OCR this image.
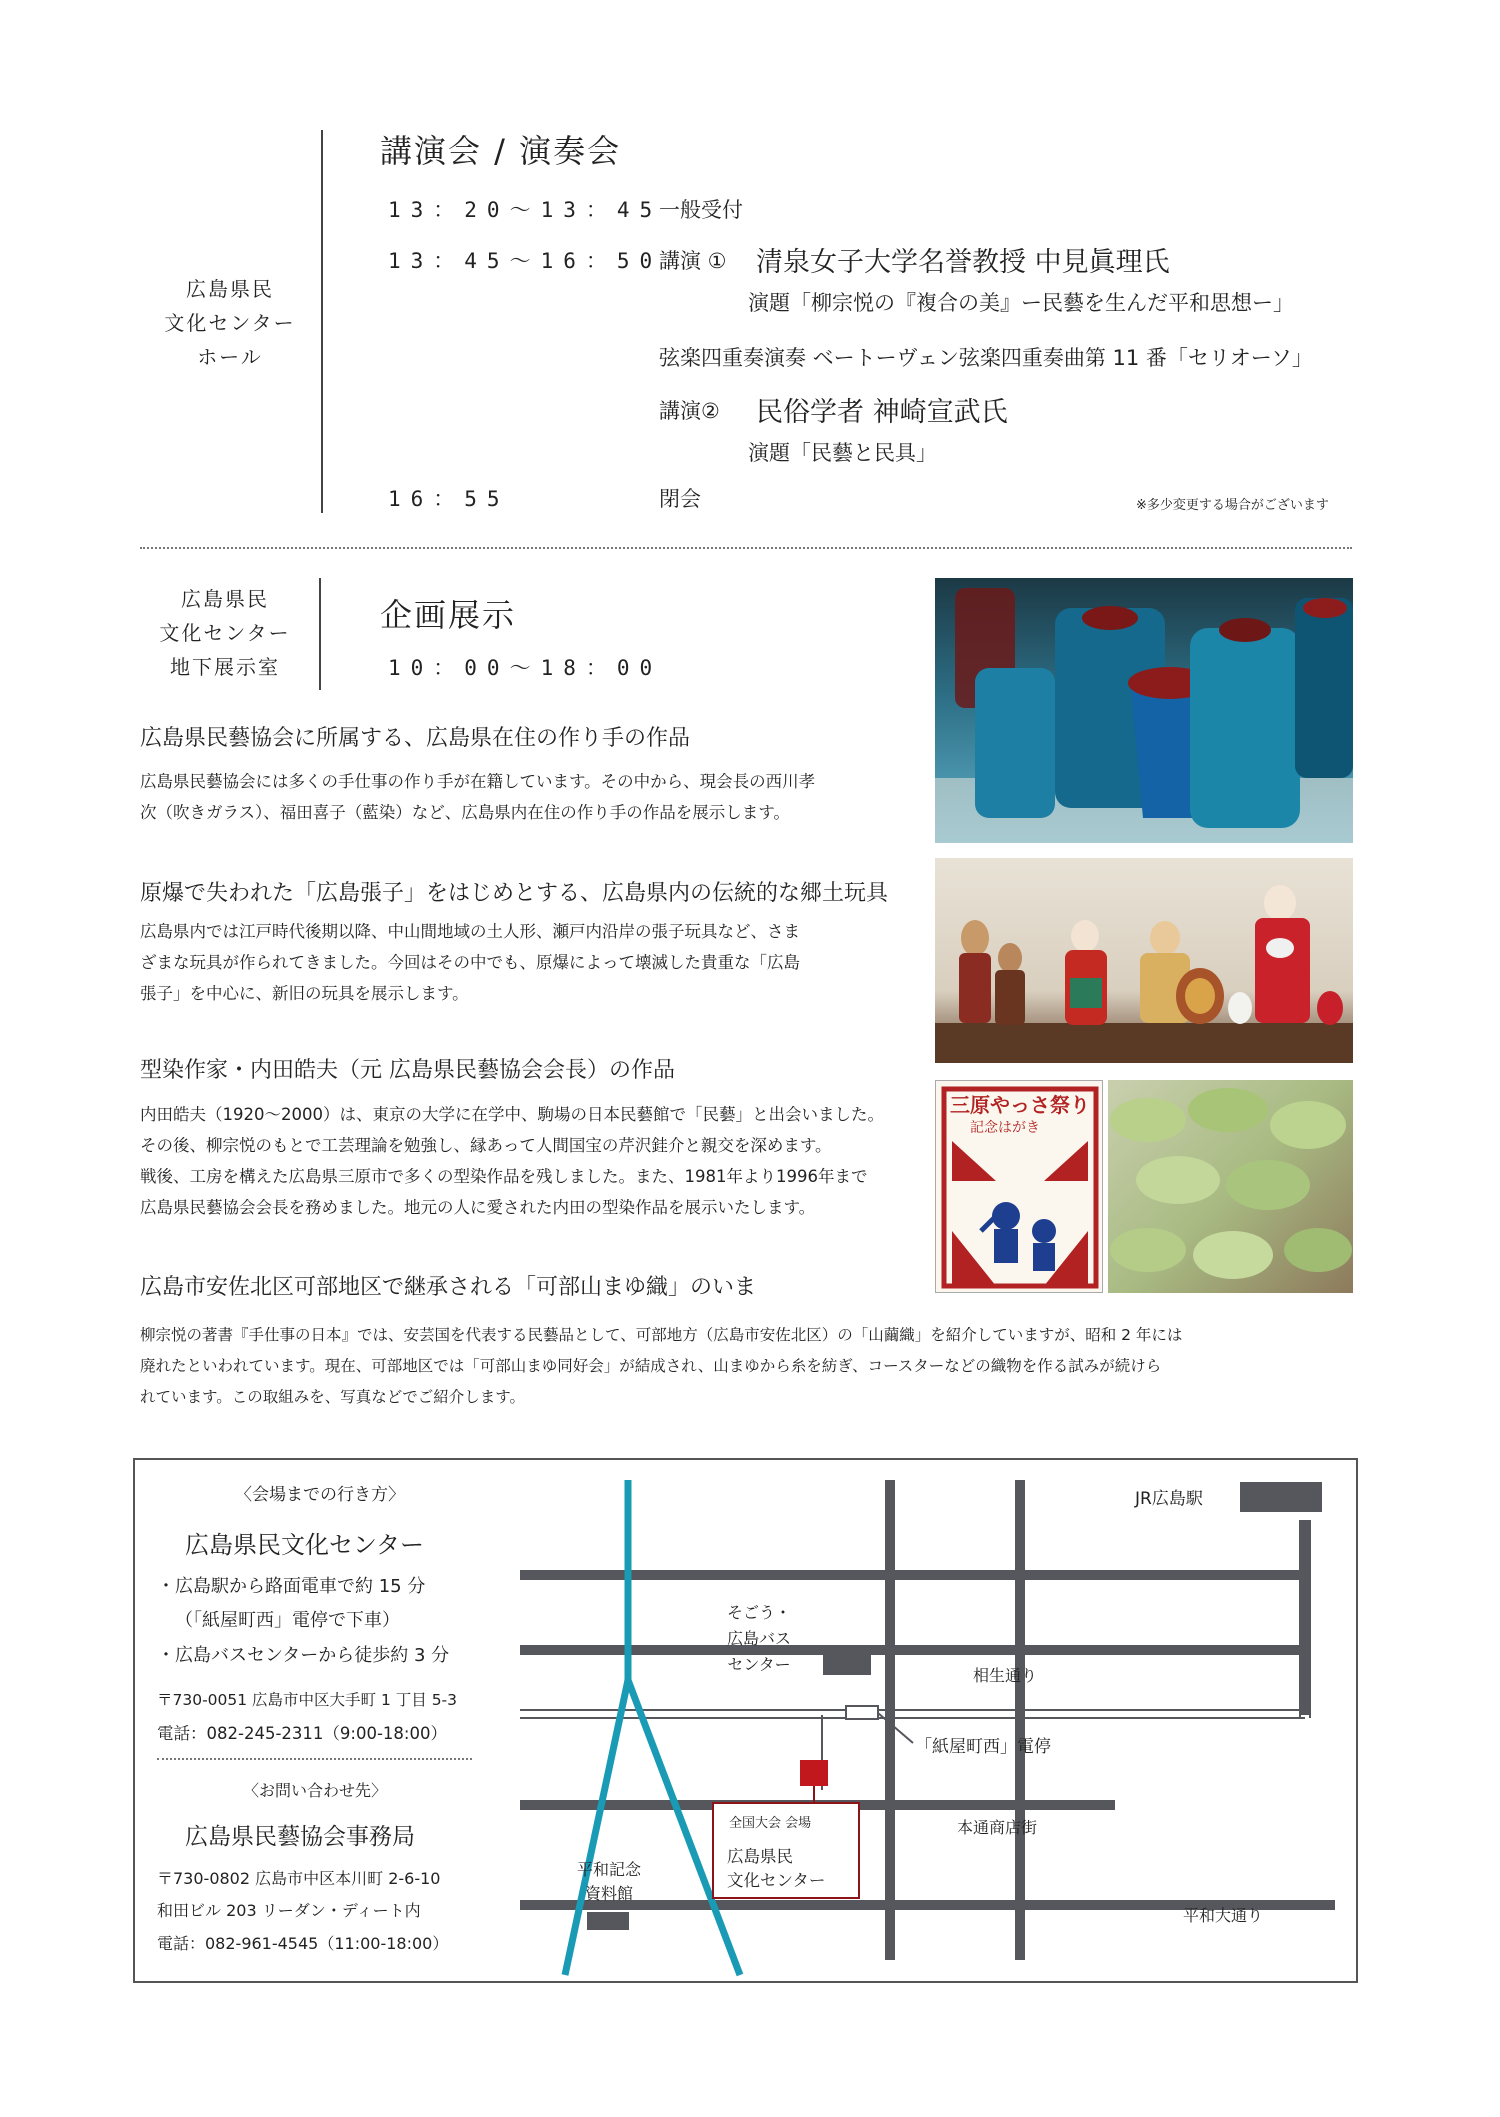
広島県民
文化センター
ホール
講演会 / 演奏会
13：20〜13：45
一般受付
13：45〜16：50
講演 ① 清泉女子大学名誉教授 中見眞理氏
演題「柳宗悦の『複合の美』ー民藝を生んだ平和思想ー」
弦楽四重奏演奏 ベートーヴェン弦楽四重奏曲第 11 番「セリオーソ」
講演② 民俗学者 神崎宣武氏
演題「民藝と民具」
16：55	閉会	※多少変更する場合がございます
広島県民
文化センター
地下展示室
企画展示
10：00〜18：00
広島県民藝協会に所属する、広島県在住の作り手の作品
広島県民藝協会には多くの手仕事の作り手が在籍しています。その中から、現会長の西川孝
次（吹きガラス）、福田喜子（藍染）など、広島県内在住の作り手の作品を展示します。
原爆で失われた「広島張子」をはじめとする、広島県内の伝統的な郷土玩具
広島県内では江戸時代後期以降、中山間地域の土人形、瀬戸内沿岸の張子玩具など、さま
ざまな玩具が作られてきました。今回はその中でも、原爆によって壊滅した貴重な「広島
張子」を中心に、新旧の玩具を展示します。
型染作家・内田皓夫（元 広島県民藝協会会長）の作品
内田皓夫（1920〜2000）は、東京の大学に在学中、駒場の日本民藝館で「民藝」と出会いました。
その後、柳宗悦のもとで工芸理論を勉強し、縁あって人間国宝の芹沢銈介と親交を深めます。
戦後、工房を構えた広島県三原市で多くの型染作品を残しました。また、1981年より1996年まで
広島県民藝協会会長を務めました。地元の人に愛された内田の型染作品を展示いたします。
広島市安佐北区可部地区で継承される「可部山まゆ織」のいま
柳宗悦の著書『手仕事の日本』では、安芸国を代表する民藝品として、可部地方（広島市安佐北区）の「山繭織」を紹介していますが、昭和 2 年には
廃れたといわれています。現在、可部地区では「可部山まゆ同好会」が結成され、山まゆから糸を紡ぎ、コースターなどの織物を作る試みが続けら
れています。この取組みを、写真などでご紹介します。
三原やっさ祭り
記念はがき
〈会場までの行き方〉
広島県民文化センター
・広島駅から路面電車で約 15 分
（「紙屋町西」電停で下車）
・広島バスセンターから徒歩約 3 分
〒730-0051 広島市中区大手町 1 丁目 5-3
電話：082-245-2311（9:00-18:00）
〈お問い合わせ先〉
広島県民藝協会事務局
〒730-0802 広島市中区本川町 2-6-10
和田ビル 203 リーダン・ディート内
電話：082-961-4545（11:00-18:00）
JR広島駅
そごう・
広島バス
センター
相生通り
「紙屋町西」電停
本通商店街
平和大通り
平和記念
資料館
全国大会 会場
広島県民
文化センター
